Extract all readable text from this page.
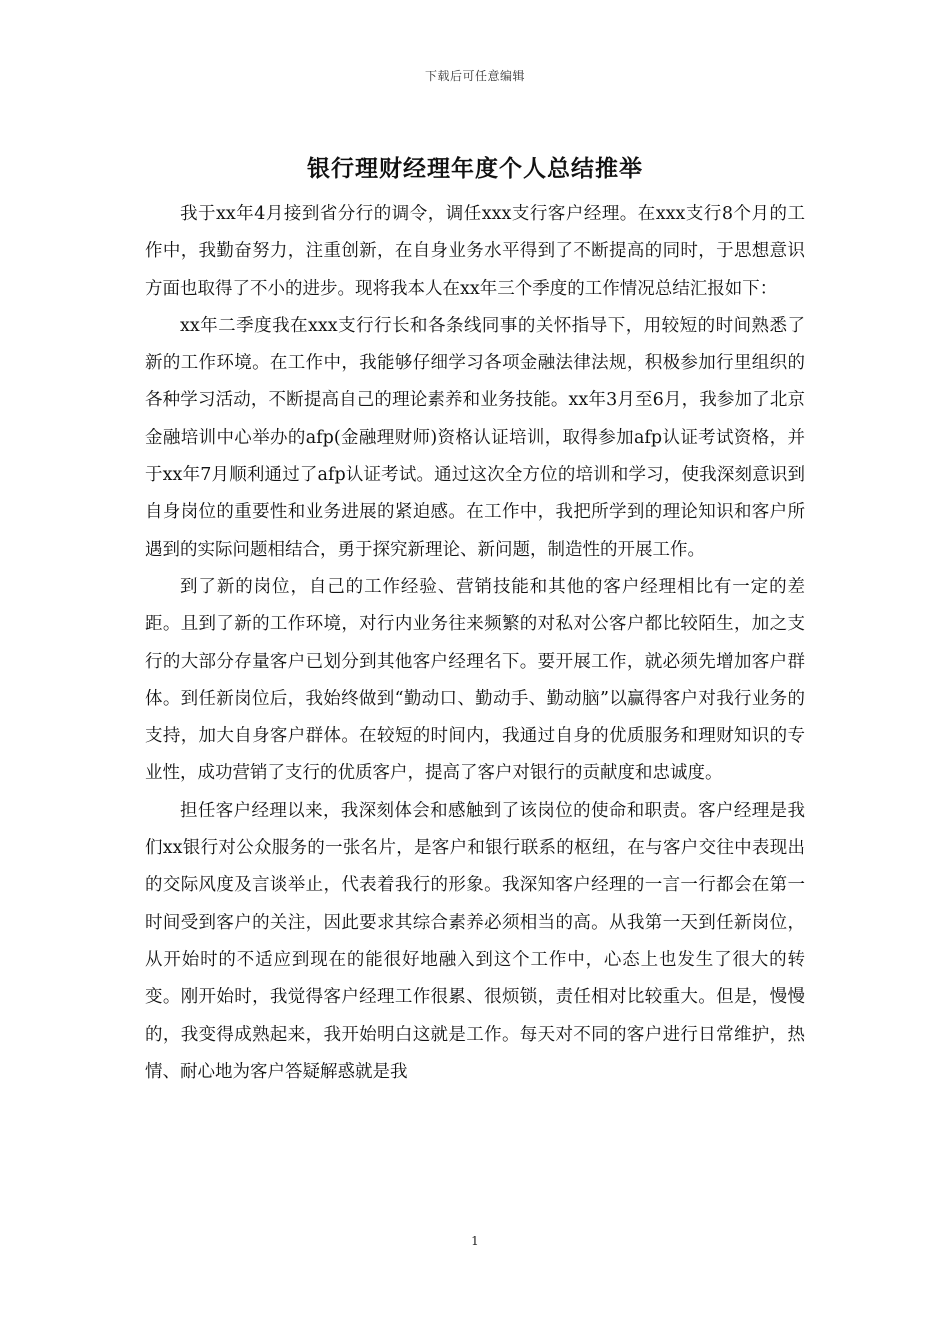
下载后可任意编辑
银行理财经理年度个人总结推举

我于xx年4月接到省分行的调令，调任xxx支行客户经理。在xxx支行8个月的工作中，我勤奋努力，注重创新，在自身业务水平得到了不断提高的同时，于思想意识方面也取得了不小的进步。现将我本人在xx年三个季度的工作情况总结汇报如下：

xx年二季度我在xxx支行行长和各条线同事的关怀指导下，用较短的时间熟悉了新的工作环境。在工作中，我能够仔细学习各项金融法律法规，积极参加行里组织的各种学习活动，不断提高自己的理论素养和业务技能。xx年3月至6月，我参加了北京金融培训中心举办的afp(金融理财师)资格认证培训，取得参加afp认证考试资格，并于xx年7月顺利通过了afp认证考试。通过这次全方位的培训和学习，使我深刻意识到自身岗位的重要性和业务进展的紧迫感。在工作中，我把所学到的理论知识和客户所遇到的实际问题相结合，勇于探究新理论、新问题，制造性的开展工作。

到了新的岗位，自己的工作经验、营销技能和其他的客户经理相比有一定的差距。且到了新的工作环境，对行内业务往来频繁的对私对公客户都比较陌生，加之支行的大部分存量客户已划分到其他客户经理名下。要开展工作，就必须先增加客户群体。到任新岗位后，我始终做到“勤动口、勤动手、勤动脑”以赢得客户对我行业务的支持，加大自身客户群体。在较短的时间内，我通过自身的优质服务和理财知识的专业性，成功营销了支行的优质客户，提高了客户对银行的贡献度和忠诚度。

担任客户经理以来，我深刻体会和感触到了该岗位的使命和职责。客户经理是我们xx银行对公众服务的一张名片，是客户和银行联系的枢纽，在与客户交往中表现出的交际风度及言谈举止，代表着我行的形象。我深知客户经理的一言一行都会在第一时间受到客户的关注，因此要求其综合素养必须相当的高。从我第一天到任新岗位，从开始时的不适应到现在的能很好地融入到这个工作中，心态上也发生了很大的转变。刚开始时，我觉得客户经理工作很累、很烦锁，责任相对比较重大。但是，慢慢的，我变得成熟起来，我开始明白这就是工作。每天对不同的客户进行日常维护，热情、耐心地为客户答疑解惑就是我

1
